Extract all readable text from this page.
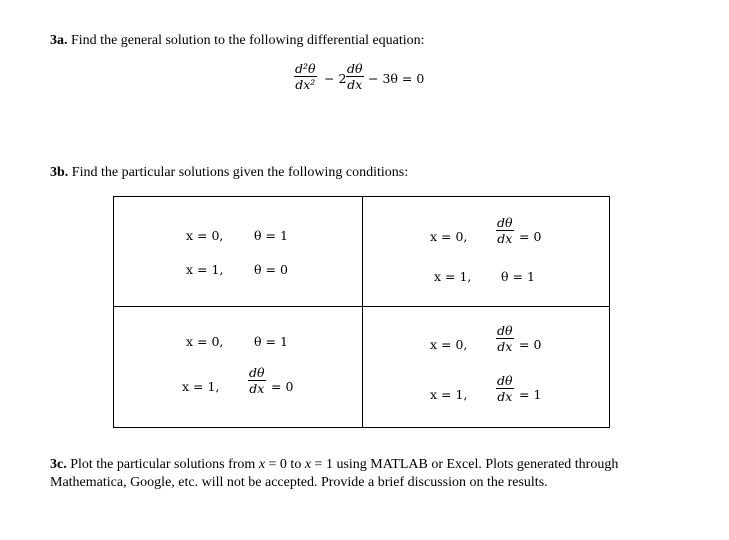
3a. Find the general solution to the following differential equation:
$\frac{\text{d²θ}}{\text{dx²}} - 2 \frac{d\theta}{dx} - 3\theta = 0$
3b. Find the particular solutions given the following conditions:
x = 0, θ = 1
x = 1, θ = 0
x = 0, $\frac{d\theta}{dx} = 0$
x = 1, θ = 1
x = 0, θ = 1
x = 1, $\frac{d\theta}{dx} = 0$
x = 0, $\frac{d\theta}{dx} = 0$
x = 1, $\frac{d\theta}{dx} = 1$
3c. Plot the particular solutions from x = 0 to x = 1 using MATLAB or Excel. Plots generated through
Mathematica, Google, etc. will not be accepted. Provide a brief discussion on the results.
